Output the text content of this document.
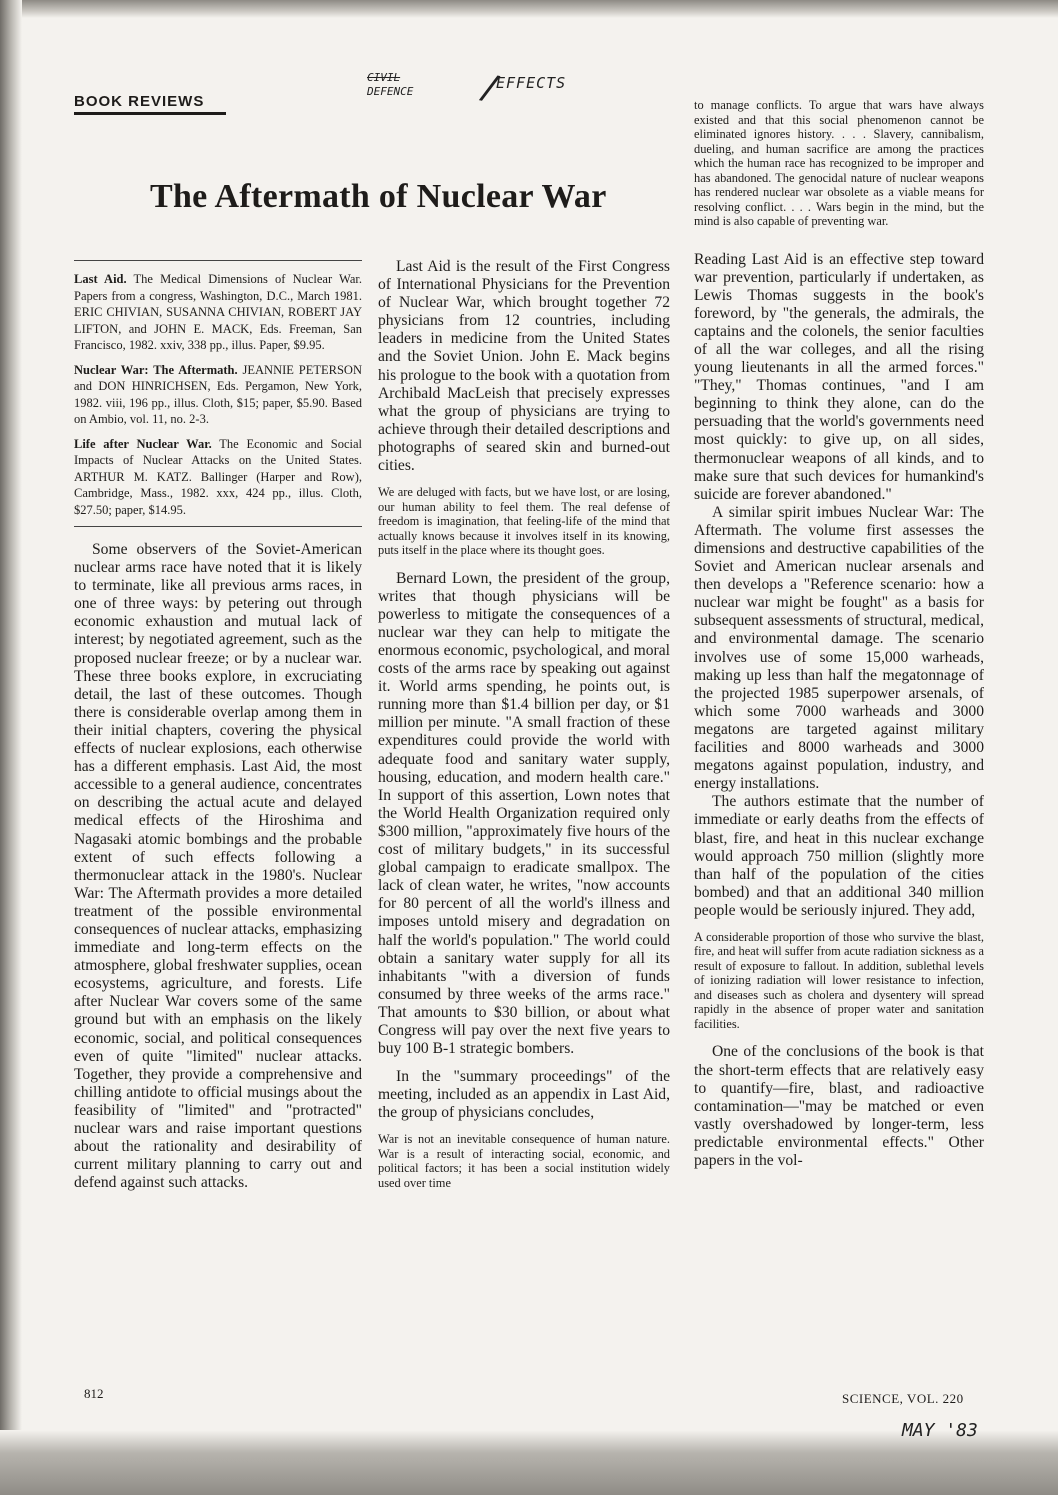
BOOK REVIEWS
CIVIL
DEFENCE /
EFFECTS
The Aftermath of Nuclear War

Last Aid. The Medical Dimensions of Nuclear War. Papers from a congress, Washington, D.C., March 1981. ERIC CHIVIAN, SUSANNA CHIVIAN, ROBERT JAY LIFTON, and JOHN E. MACK, Eds. Freeman, San Francisco, 1982. xxiv, 338 pp., illus. Paper, $9.95.

Nuclear War: The Aftermath. JEANNIE PETERSON and DON HINRICHSEN, Eds. Pergamon, New York, 1982. viii, 196 pp., illus. Cloth, $15; paper, $5.90. Based on Ambio, vol. 11, no. 2-3.

Life after Nuclear War. The Economic and Social Impacts of Nuclear Attacks on the United States. ARTHUR M. KATZ. Ballinger (Harper and Row), Cambridge, Mass., 1982. xxx, 424 pp., illus. Cloth, $27.50; paper, $14.95.

Some observers of the Soviet-American nuclear arms race have noted that it is likely to terminate, like all previous arms races, in one of three ways: by petering out through economic exhaustion and mutual lack of interest; by negotiated agreement, such as the proposed nuclear freeze; or by a nuclear war. These three books explore, in excruciating detail, the last of these outcomes. Though there is considerable overlap among them in their initial chapters, covering the physical effects of nuclear explosions, each otherwise has a different emphasis. Last Aid, the most accessible to a general audience, concentrates on describing the actual acute and delayed medical effects of the Hiroshima and Nagasaki atomic bombings and the probable extent of such effects following a thermonuclear attack in the 1980's. Nuclear War: The Aftermath provides a more detailed treatment of the possible environmental consequences of nuclear attacks, emphasizing immediate and long-term effects on the atmosphere, global freshwater supplies, ocean ecosystems, agriculture, and forests. Life after Nuclear War covers some of the same ground but with an emphasis on the likely economic, social, and political consequences even of quite "limited" nuclear attacks. Together, they provide a comprehensive and chilling antidote to official musings about the feasibility of "limited" and "protracted" nuclear wars and raise important questions about the rationality and desirability of current military planning to carry out and defend against such attacks.

Last Aid is the result of the First Congress of International Physicians for the Prevention of Nuclear War, which brought together 72 physicians from 12 countries, including leaders in medicine from the United States and the Soviet Union. John E. Mack begins his prologue to the book with a quotation from Archibald MacLeish that precisely expresses what the group of physicians are trying to achieve through their detailed descriptions and photographs of seared skin and burned-out cities.

We are deluged with facts, but we have lost, or are losing, our human ability to feel them. The real defense of freedom is imagination, that feeling-life of the mind that actually knows because it involves itself in its knowing, puts itself in the place where its thought goes.

Bernard Lown, the president of the group, writes that though physicians will be powerless to mitigate the consequences of a nuclear war they can help to mitigate the enormous economic, psychological, and moral costs of the arms race by speaking out against it. World arms spending, he points out, is running more than $1.4 billion per day, or $1 million per minute. "A small fraction of these expenditures could provide the world with adequate food and sanitary water supply, housing, education, and modern health care." In support of this assertion, Lown notes that the World Health Organization required only $300 million, "approximately five hours of the cost of military budgets," in its successful global campaign to eradicate smallpox. The lack of clean water, he writes, "now accounts for 80 percent of all the world's illness and imposes untold misery and degradation on half the world's population." The world could obtain a sanitary water supply for all its inhabitants "with a diversion of funds consumed by three weeks of the arms race." That amounts to $30 billion, or about what Congress will pay over the next five years to buy 100 B-1 strategic bombers.

In the "summary proceedings" of the meeting, included as an appendix in Last Aid, the group of physicians concludes,

War is not an inevitable consequence of human nature. War is a result of interacting social, economic, and political factors; it has been a social institution widely used over time

to manage conflicts. To argue that wars have always existed and that this social phenomenon cannot be eliminated ignores history. . . . Slavery, cannibalism, dueling, and human sacrifice are among the practices which the human race has recognized to be improper and has abandoned. The genocidal nature of nuclear weapons has rendered nuclear war obsolete as a viable means for resolving conflict. . . . Wars begin in the mind, but the mind is also capable of preventing war.

Reading Last Aid is an effective step toward war prevention, particularly if undertaken, as Lewis Thomas suggests in the book's foreword, by "the generals, the admirals, the captains and the colonels, the senior faculties of all the war colleges, and all the rising young lieutenants in all the armed forces." "They," Thomas continues, "and I am beginning to think they alone, can do the persuading that the world's governments need most quickly: to give up, on all sides, thermonuclear weapons of all kinds, and to make sure that such devices for humankind's suicide are forever abandoned."

A similar spirit imbues Nuclear War: The Aftermath. The volume first assesses the dimensions and destructive capabilities of the Soviet and American nuclear arsenals and then develops a "Reference scenario: how a nuclear war might be fought" as a basis for subsequent assessments of structural, medical, and environmental damage. The scenario involves use of some 15,000 warheads, making up less than half the megatonnage of the projected 1985 superpower arsenals, of which some 7000 warheads and 3000 megatons are targeted against military facilities and 8000 warheads and 3000 megatons against population, industry, and energy installations.

The authors estimate that the number of immediate or early deaths from the effects of blast, fire, and heat in this nuclear exchange would approach 750 million (slightly more than half of the population of the cities bombed) and that an additional 340 million people would be seriously injured. They add,

A considerable proportion of those who survive the blast, fire, and heat will suffer from acute radiation sickness as a result of exposure to fallout. In addition, sublethal levels of ionizing radiation will lower resistance to infection, and diseases such as cholera and dysentery will spread rapidly in the absence of proper water and sanitation facilities.

One of the conclusions of the book is that the short-term effects that are relatively easy to quantify—fire, blast, and radioactive contamination—"may be matched or even vastly overshadowed by longer-term, less predictable environmental effects." Other papers in the vol-

812	SCIENCE, VOL. 220
MAY '83
